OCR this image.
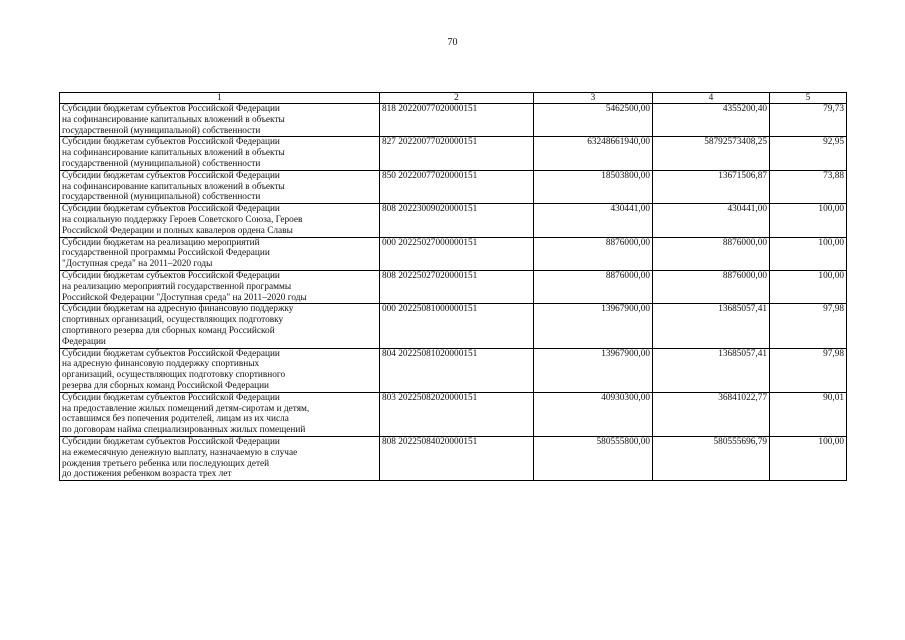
70
1	2	3	4	5
Субсидии бюджетам субъектов Российской Федерации
на софинансирование капитальных вложений в объекты
государственной (муниципальной) собственности	818 20220077020000151	5462500,00	4355200,40	79,73
Субсидии бюджетам субъектов Российской Федерации
на софинансирование капитальных вложений в объекты
государственной (муниципальной) собственности	827 20220077020000151	63248661940,00	58792573408,25	92,95
Субсидии бюджетам субъектов Российской Федерации
на софинансирование капитальных вложений в объекты
государственной (муниципальной) собственности	850 20220077020000151	18503800,00	13671506,87	73,88
Субсидии бюджетам субъектов Российской Федерации
на социальную поддержку Героев Советского Союза, Героев
Российской Федерации и полных кавалеров ордена Славы	808 20223009020000151	430441,00	430441,00	100,00
Субсидии бюджетам на реализацию мероприятий
государственной программы Российской Федерации
"Доступная среда" на 2011–2020 годы	000 20225027000000151	8876000,00	8876000,00	100,00
Субсидии бюджетам субъектов Российской Федерации
на реализацию мероприятий государственной программы
Российской Федерации "Доступная среда" на 2011–2020 годы	808 20225027020000151	8876000,00	8876000,00	100,00
Субсидии бюджетам на адресную финансовую поддержку
спортивных организаций, осуществляющих подготовку
спортивного резерва для сборных команд Российской
Федерации	000 20225081000000151	13967900,00	13685057,41	97,98
Субсидии бюджетам субъектов Российской Федерации
на адресную финансовую поддержку спортивных
организаций, осуществляющих подготовку спортивного
резерва для сборных команд Российской Федерации	804 20225081020000151	13967900,00	13685057,41	97,98
Субсидии бюджетам субъектов Российской Федерации
на предоставление жилых помещений детям-сиротам и детям,
оставшимся без попечения родителей, лицам из их числа
по договорам найма специализированных жилых помещений	803 20225082020000151	40930300,00	36841022,77	90,01
Субсидии бюджетам субъектов Российской Федерации
на ежемесячную денежную выплату, назначаемую в случае
рождения третьего ребенка или последующих детей
до достижения ребенком возраста трех лет	808 20225084020000151	580555800,00	580555696,79	100,00
